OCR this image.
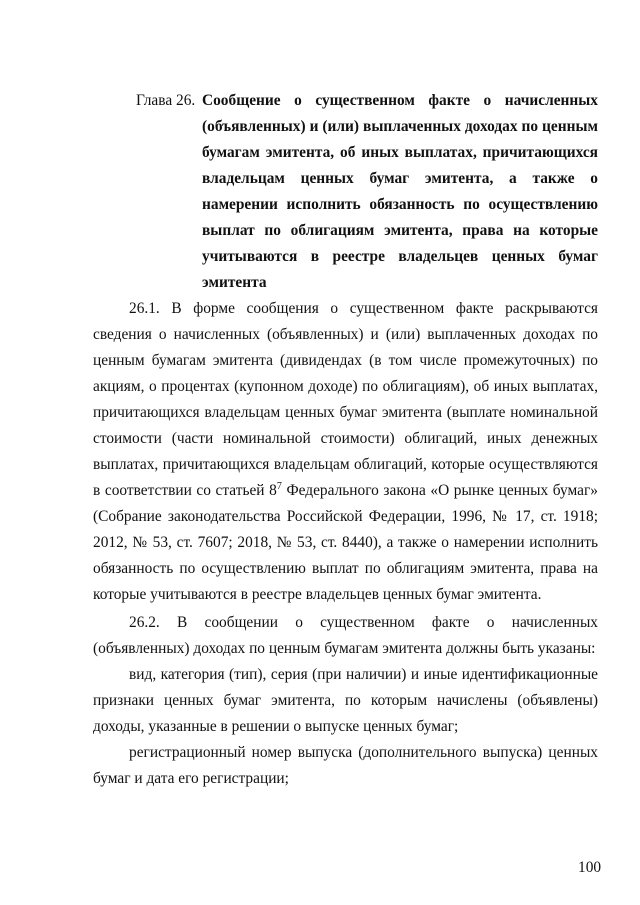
Глава 26. Сообщение о существенном факте о начисленных (объявленных) и (или) выплаченных доходах по ценным бумагам эмитента, об иных выплатах, причитающихся владельцам ценных бумаг эмитента, а также о намерении исполнить обязанность по осуществлению выплат по облигациям эмитента, права на которые учитываются в реестре владельцев ценных бумаг эмитента

26.1. В форме сообщения о существенном факте раскрываются сведения о начисленных (объявленных) и (или) выплаченных доходах по ценным бумагам эмитента (дивидендах (в том числе промежуточных) по акциям, о процентах (купонном доходе) по облигациям), об иных выплатах, причитающихся владельцам ценных бумаг эмитента (выплате номинальной стоимости (части номинальной стоимости) облигаций, иных денежных выплатах, причитающихся владельцам облигаций, которые осуществляются в соответствии со статьей $8^7$ Федерального закона «О рынке ценных бумаг» (Собрание законодательства Российской Федерации, 1996, № 17, ст. 1918; 2012, № 53, ст. 7607; 2018, № 53, ст. 8440), а также о намерении исполнить обязанность по осуществлению выплат по облигациям эмитента, права на которые учитываются в реестре владельцев ценных бумаг эмитента.

26.2. В сообщении о существенном факте о начисленных (объявленных) доходах по ценным бумагам эмитента должны быть указаны:

вид, категория (тип), серия (при наличии) и иные идентификационные признаки ценных бумаг эмитента, по которым начислены (объявлены) доходы, указанные в решении о выпуске ценных бумаг;

регистрационный номер выпуска (дополнительного выпуска) ценных бумаг и дата его регистрации;

100
